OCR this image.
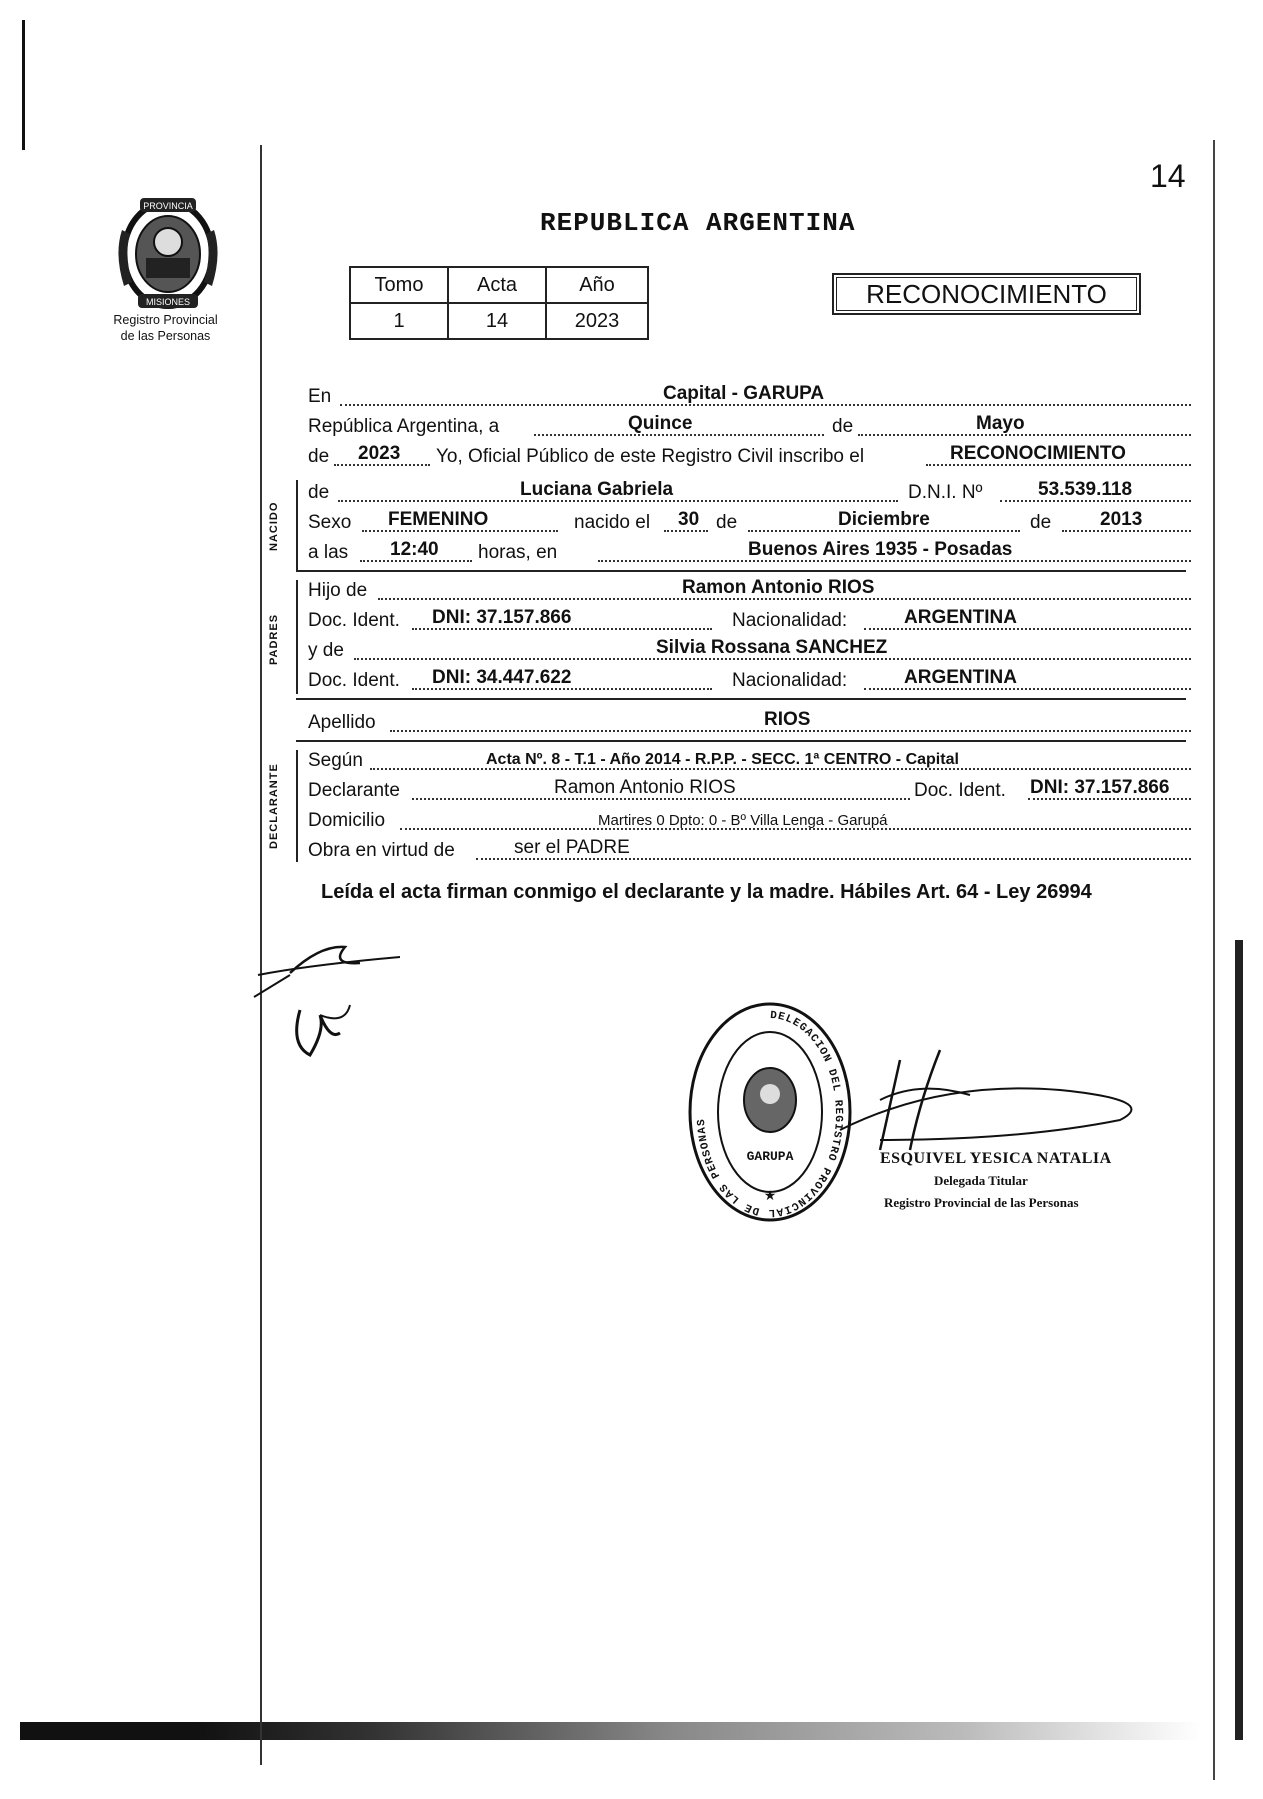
14
PROVINCIA
MISIONES
Registro Provincial
de las Personas
REPUBLICA ARGENTINA
Tomo	Acta	Año
1	14	2023
RECONOCIMIENTO
En	Capital - GARUPA
República Argentina, a	Quince	de	Mayo
de 2023 Yo, Oficial Público de este Registro Civil inscribo el	RECONOCIMIENTO
NACIDO
de	Luciana Gabriela	D.N.I. Nº	53.539.118
Sexo FEMENINO	nacido el 30 de	Diciembre	de	2013
a las 12:40 horas, en	Buenos Aires 1935 - Posadas
PADRES
Hijo de	Ramon Antonio RIOS
Doc. Ident. DNI: 37.157.866	Nacionalidad:	ARGENTINA
y de	Silvia Rossana SANCHEZ
Doc. Ident. DNI: 34.447.622	Nacionalidad:	ARGENTINA
Apellido	RIOS
DECLARANTE
Según	Acta Nº. 8 - T.1 - Año 2014 - R.P.P. - SECC. 1ª CENTRO - Capital
Declarante	Ramon Antonio RIOS	Doc. Ident. DNI: 37.157.866
Domicilio	Martires 0 Dpto: 0 - Bº Villa Lenga - Garupá
Obra en virtud de	ser el PADRE
Leída el acta firman conmigo el declarante y la madre. Hábiles Art. 64 - Ley 26994
DELEGACION DEL REGISTRO PROVINCIAL DE LAS PERSONAS
GARUPA
★
ESQUIVEL YESICA NATALIA
Delegada Titular
Registro Provincial de las Personas
